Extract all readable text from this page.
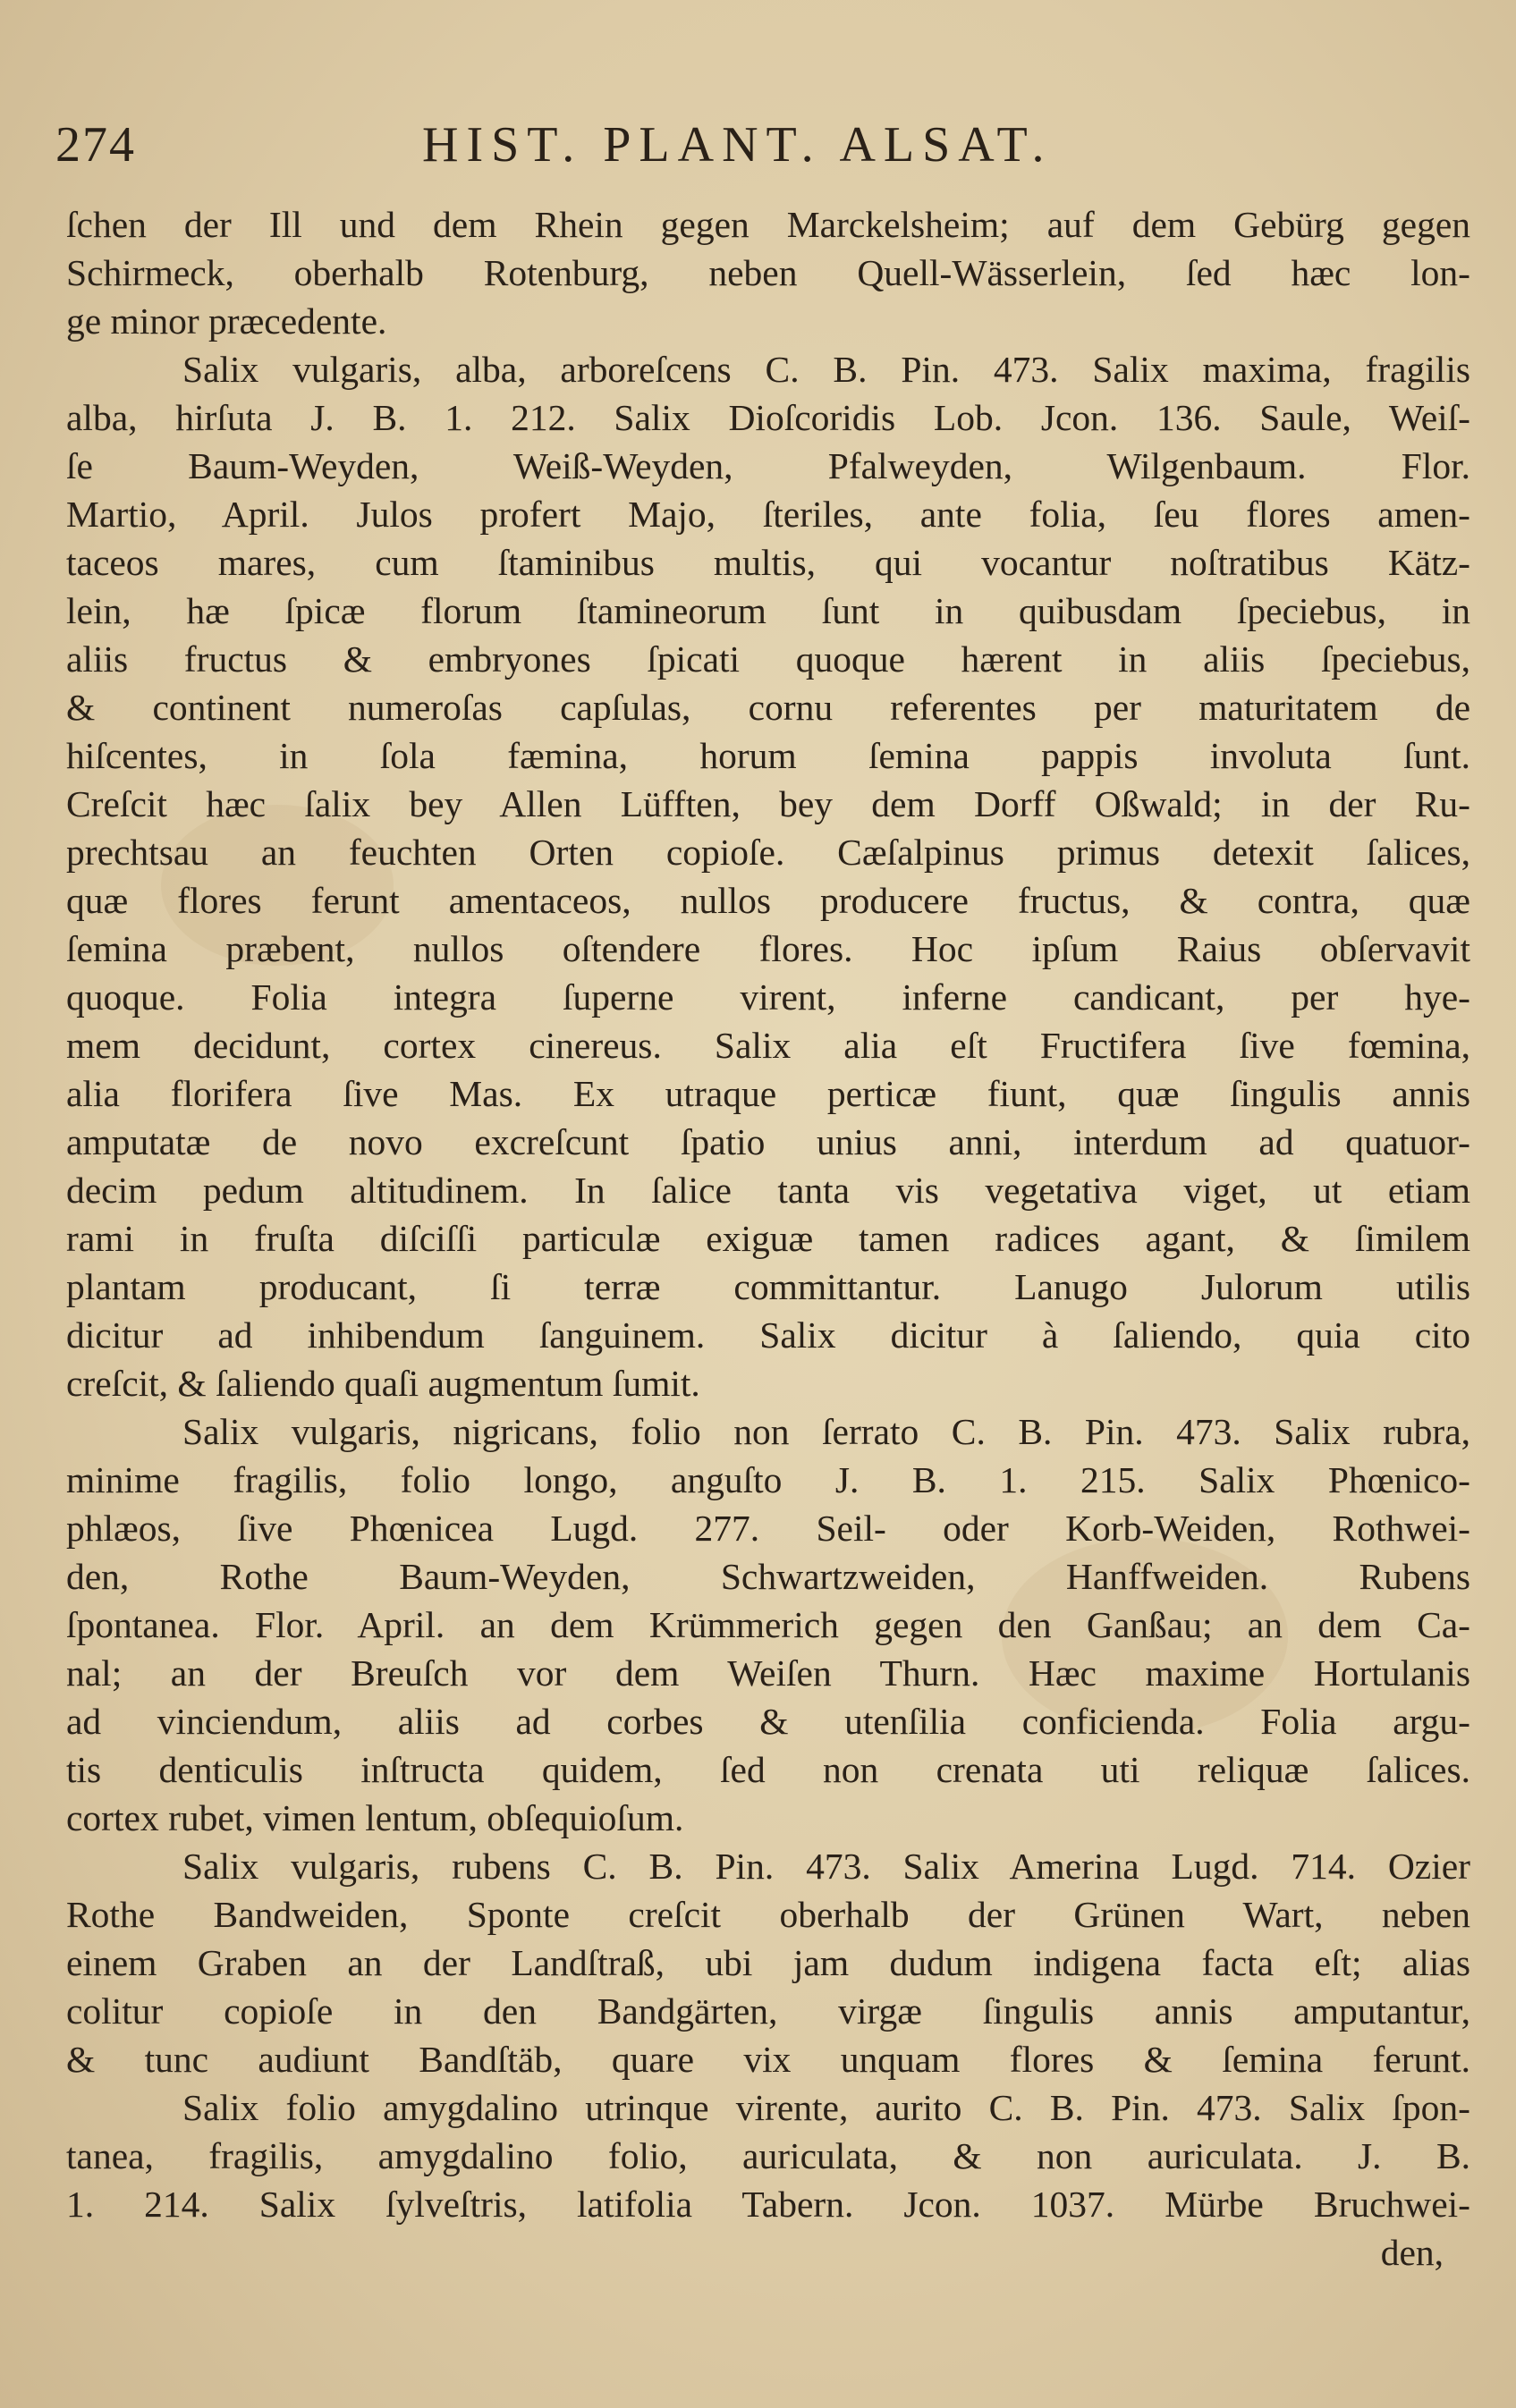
274	HIST. PLANT. ALSAT.
ſchen der Ill und dem Rhein gegen Marckelsheim; auf dem Gebürg gegen
Schirmeck, oberhalb Rotenburg, neben Quell-Wässerlein, ſed hæc lon-
ge minor præcedente.
Salix vulgaris, alba, arboreſcens C. B. Pin. 473. Salix maxima, fragilis
alba, hirſuta J. B. 1. 212. Salix Dioſcoridis Lob. Jcon. 136. Saule, Weiſ-
ſe Baum-Weyden, Weiß-Weyden, Pfalweyden, Wilgenbaum. Flor.
Martio, April. Julos profert Majo, ſteriles, ante folia, ſeu flores amen-
taceos mares, cum ſtaminibus multis, qui vocantur noſtratibus Kätz-
lein, hæ ſpicæ florum ſtamineorum ſunt in quibusdam ſpeciebus, in
aliis fructus & embryones ſpicati quoque hærent in aliis ſpeciebus,
& continent numeroſas capſulas, cornu referentes per maturitatem de
hiſcentes, in ſola fæmina, horum ſemina pappis involuta ſunt.
Creſcit hæc ſalix bey Allen Lüfften, bey dem Dorff Oßwald; in der Ru-
prechtsau an feuchten Orten copioſe. Cæſalpinus primus detexit ſalices,
quæ flores ferunt amentaceos, nullos producere fructus, & contra, quæ
ſemina præbent, nullos oſtendere flores. Hoc ipſum Raius obſervavit
quoque. Folia integra ſuperne virent, inferne candicant, per hye-
mem decidunt, cortex cinereus. Salix alia eſt Fructifera ſive fœmina,
alia florifera ſive Mas. Ex utraque perticæ fiunt, quæ ſingulis annis
amputatæ de novo excreſcunt ſpatio unius anni, interdum ad quatuor-
decim pedum altitudinem. In ſalice tanta vis vegetativa viget, ut etiam
rami in fruſta diſciſſi particulæ exiguæ tamen radices agant, & ſimilem
plantam producant, ſi terræ committantur. Lanugo Julorum utilis
dicitur ad inhibendum ſanguinem. Salix dicitur à ſaliendo, quia cito
creſcit, & ſaliendo quaſi augmentum ſumit.
Salix vulgaris, nigricans, folio non ſerrato C. B. Pin. 473. Salix rubra,
minime fragilis, folio longo, anguſto J. B. 1. 215. Salix Phœnico-
phlæos, ſive Phœnicea Lugd. 277. Seil- oder Korb-Weiden, Rothwei-
den, Rothe Baum-Weyden, Schwartzweiden, Hanffweiden. Rubens
ſpontanea. Flor. April. an dem Krümmerich gegen den Ganßau; an dem Ca-
nal; an der Breuſch vor dem Weiſen Thurn. Hæc maxime Hortulanis
ad vinciendum, aliis ad corbes & utenſilia conficienda. Folia argu-
tis denticulis inſtructa quidem, ſed non crenata uti reliquæ ſalices.
cortex rubet, vimen lentum, obſequioſum.
Salix vulgaris, rubens C. B. Pin. 473. Salix Amerina Lugd. 714. Ozier
Rothe Bandweiden, Sponte creſcit oberhalb der Grünen Wart, neben
einem Graben an der Landſtraß, ubi jam dudum indigena facta eſt; alias
colitur copioſe in den Bandgärten, virgæ ſingulis annis amputantur,
& tunc audiunt Bandſtäb, quare vix unquam flores & ſemina ferunt.
Salix folio amygdalino utrinque virente, aurito C. B. Pin. 473. Salix ſpon-
tanea, fragilis, amygdalino folio, auriculata, & non auriculata. J. B.
1. 214. Salix ſylveſtris, latifolia Tabern. Jcon. 1037. Mürbe Bruchwei-
den,
